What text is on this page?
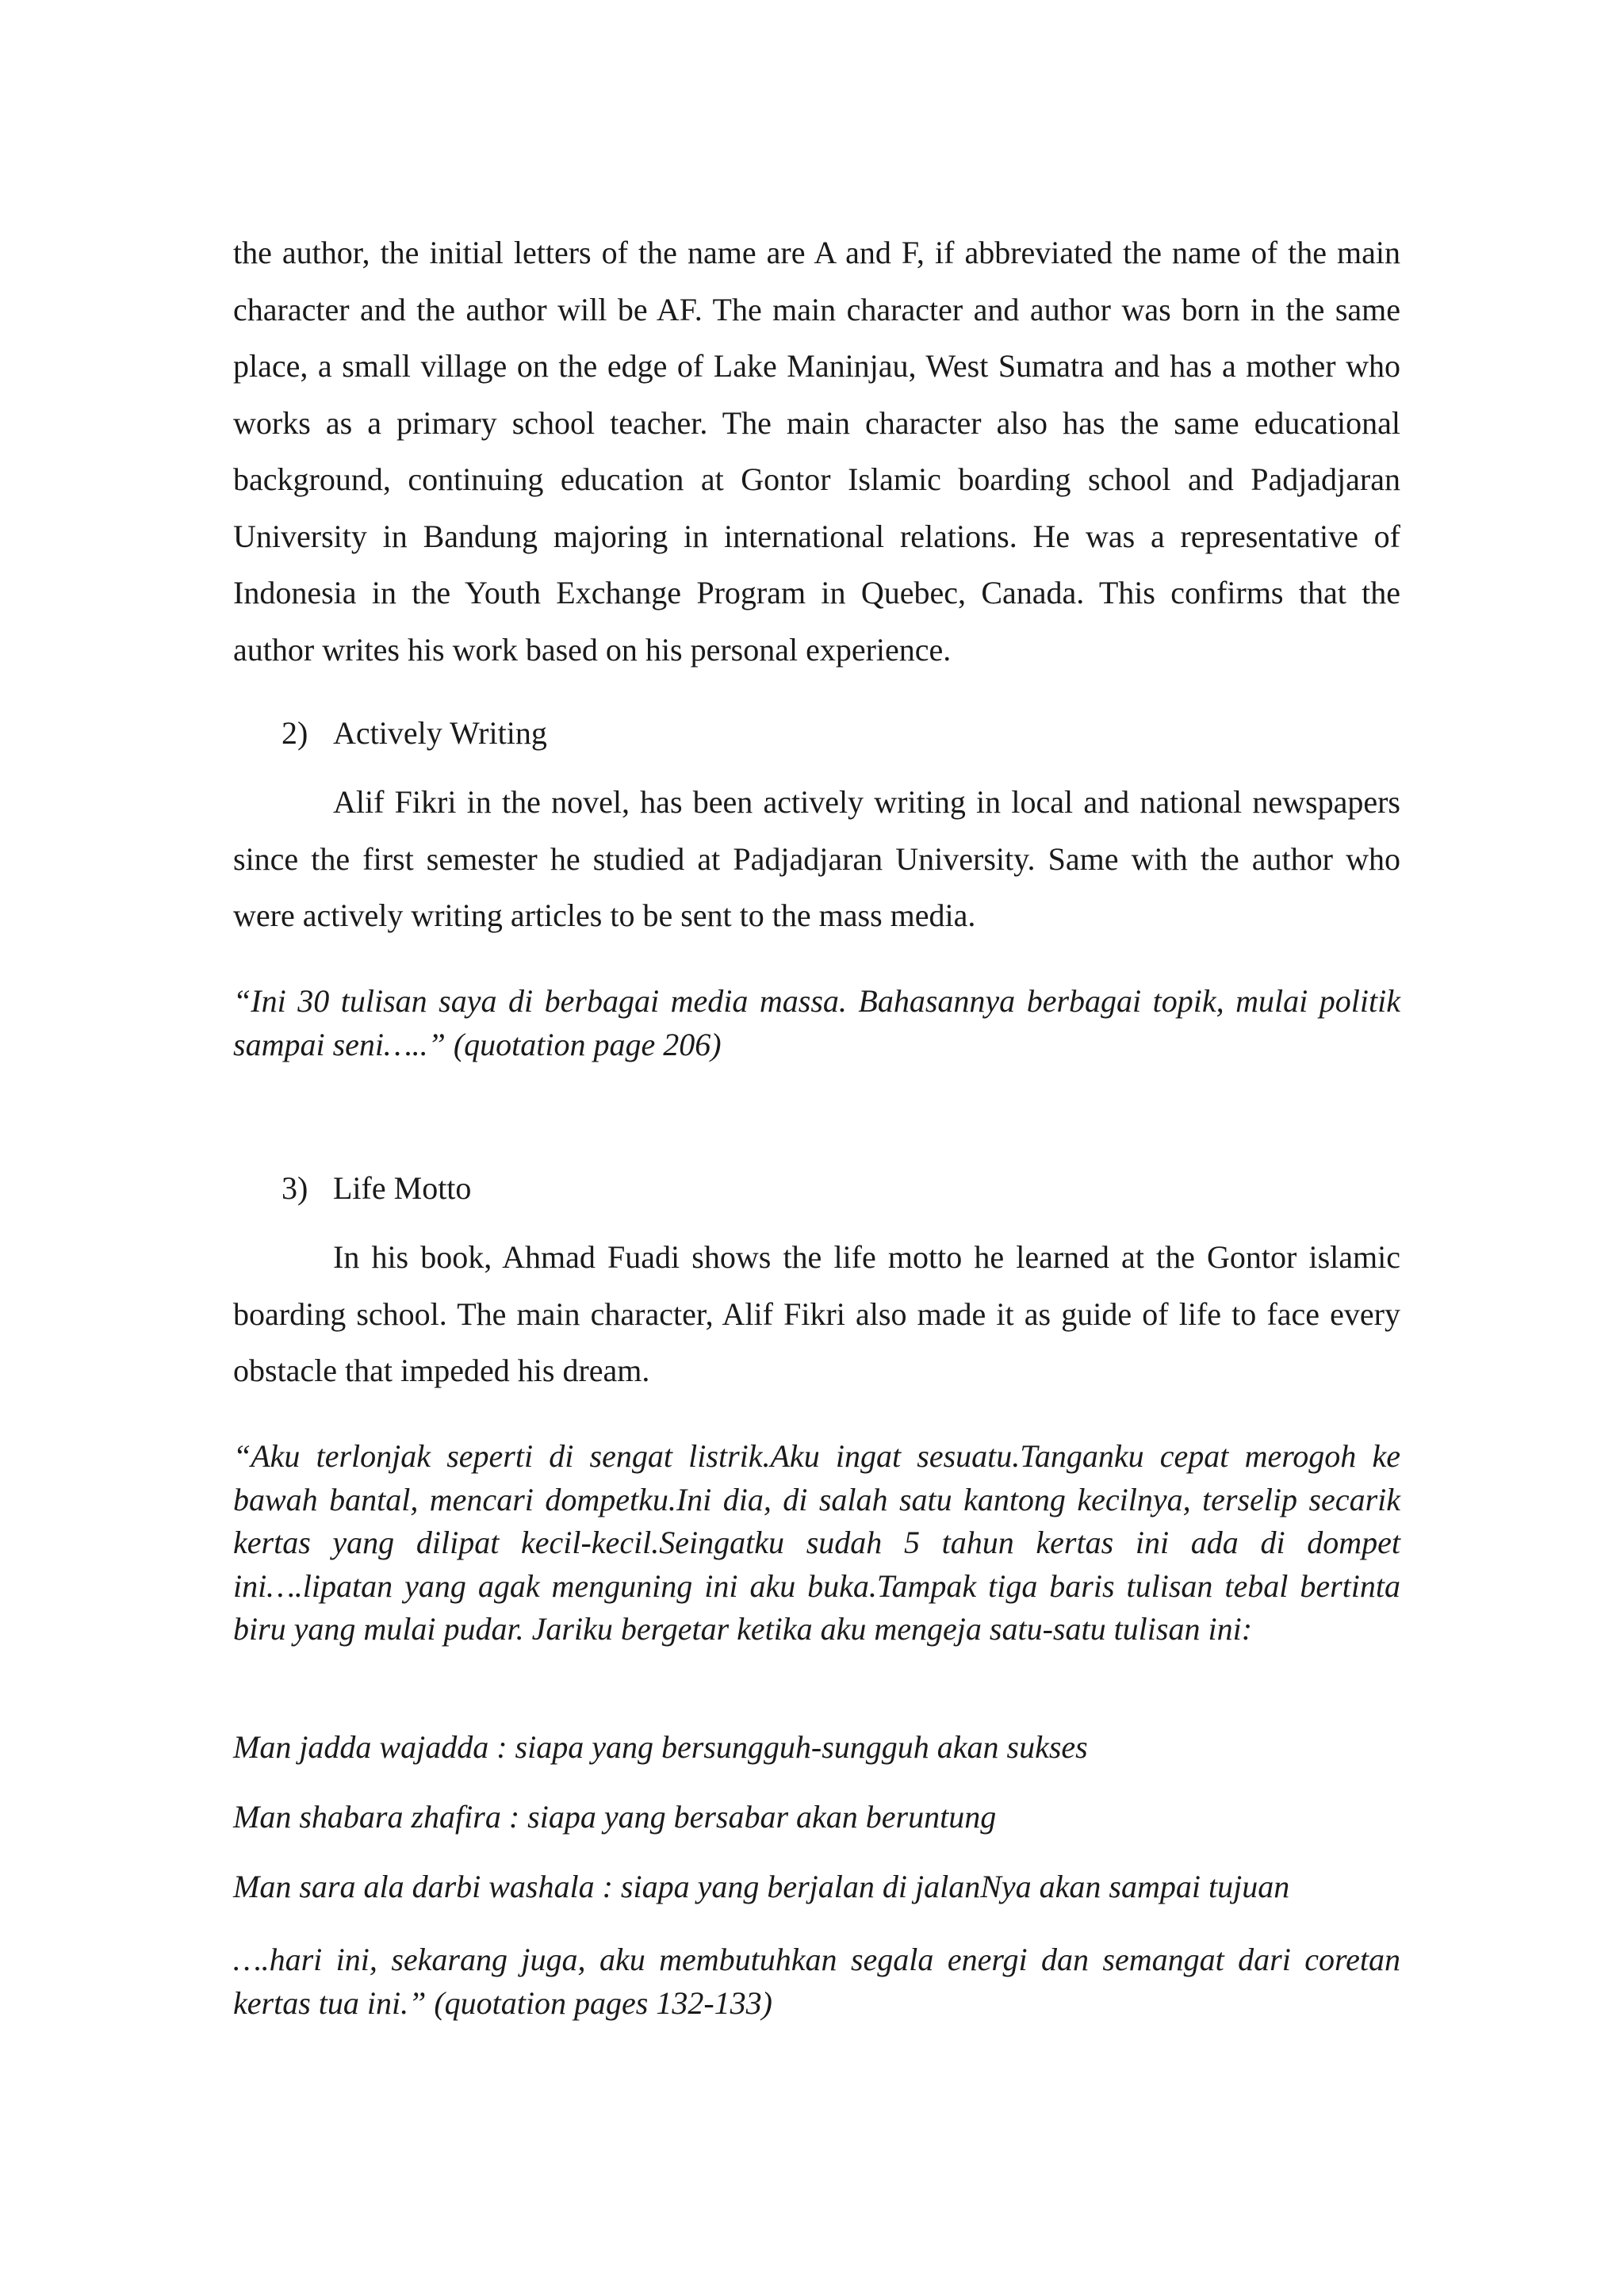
the author, the initial letters of the name are A and F, if abbreviated the name of the main character and the author will be AF. The main character and author was born in the same place, a small village on the edge of Lake Maninjau, West Sumatra and has a mother who works as a primary school teacher. The main character also has the same educational background, continuing education at Gontor Islamic boarding school and Padjadjaran University in Bandung majoring in international relations. He was a representative of Indonesia in the Youth Exchange Program in Quebec, Canada. This confirms that the author writes his work based on his personal experience.

2) Actively Writing

Alif Fikri in the novel, has been actively writing in local and national newspapers since the first semester he studied at Padjadjaran University. Same with the author who were actively writing articles to be sent to the mass media.

“Ini 30 tulisan saya di berbagai media massa. Bahasannya berbagai topik, mulai politik sampai seni…..” (quotation page 206)

3) Life Motto

In his book, Ahmad Fuadi shows the life motto he learned at the Gontor islamic boarding school. The main character, Alif Fikri also made it as guide of life to face every obstacle that impeded his dream.

“Aku terlonjak seperti di sengat listrik.Aku ingat sesuatu.Tanganku cepat merogoh ke bawah bantal, mencari dompetku.Ini dia, di salah satu kantong kecilnya, terselip secarik kertas yang dilipat kecil-kecil.Seingatku sudah 5 tahun kertas ini ada di dompet ini….lipatan yang agak menguning ini aku buka.Tampak tiga baris tulisan tebal bertinta biru yang mulai pudar. Jariku bergetar ketika aku mengeja satu-satu tulisan ini:

Man jadda wajadda : siapa yang bersungguh-sungguh akan sukses

Man shabara zhafira : siapa yang bersabar akan beruntung

Man sara ala darbi washala : siapa yang berjalan di jalanNya akan sampai tujuan

….hari ini, sekarang juga, aku membutuhkan segala energi dan semangat dari coretan kertas tua ini.” (quotation pages 132-133)
